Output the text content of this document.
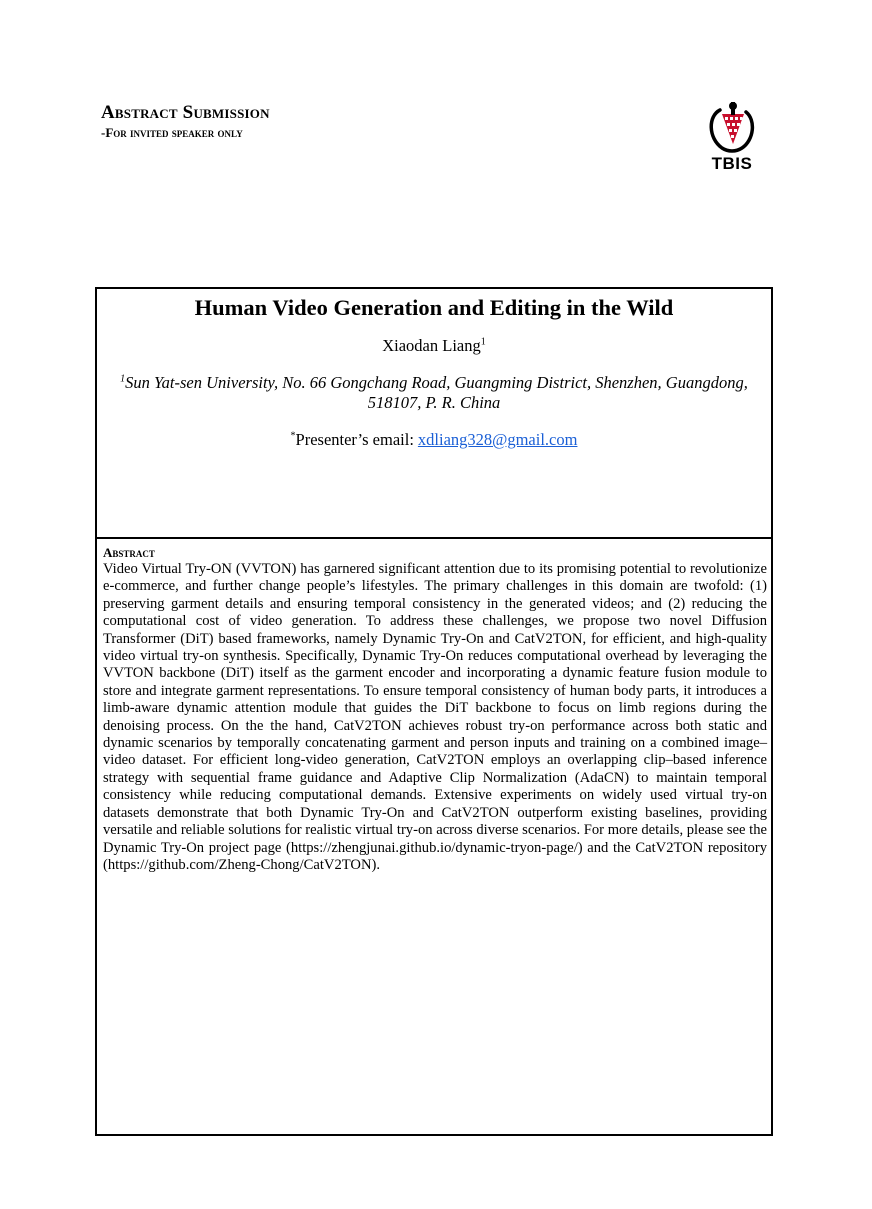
Abstract Submission
-For invited speaker only
TBIS
Human Video Generation and Editing in the Wild
Xiaodan Liang$^1$
$^1$Sun Yat-sen University, No. 66 Gongchang Road, Guangming District, Shenzhen, Guangdong, 518107, P. R. China
*Presenter’s email: xdliang328@gmail.com
Abstract
Video Virtual Try-ON (VVTON) has garnered significant attention due to its promising potential to revolutionize e-commerce, and further change people’s lifestyles. The primary challenges in this domain are twofold: (1) preserving garment details and ensuring temporal consistency in the generated videos; and (2) reducing the computational cost of video generation. To address these challenges, we propose two novel Diffusion Transformer (DiT) based frameworks, namely Dynamic Try-On and CatV2TON, for efficient, and high-quality video virtual try-on synthesis. Specifically, Dynamic Try-On reduces computational overhead by leveraging the VVTON backbone (DiT) itself as the garment encoder and incorporating a dynamic feature fusion module to store and integrate garment representations. To ensure temporal consistency of human body parts, it introduces a limb-aware dynamic attention module that guides the DiT backbone to focus on limb regions during the denoising process. On the the hand, CatV2TON achieves robust try-on performance across both static and dynamic scenarios by temporally concatenating garment and person inputs and training on a combined image–video dataset. For efficient long-video generation, CatV2TON employs an overlapping clip–based inference strategy with sequential frame guidance and Adaptive Clip Normalization (AdaCN) to maintain temporal consistency while reducing computational demands. Extensive experiments on widely used virtual try-on datasets demonstrate that both Dynamic Try-On and CatV2TON outperform existing baselines, providing versatile and reliable solutions for realistic virtual try-on across diverse scenarios. For more details, please see the Dynamic Try-On project page (https://zhengjunai.github.io/dynamic-tryon-page/) and the CatV2TON repository (https://github.com/Zheng-Chong/CatV2TON).
